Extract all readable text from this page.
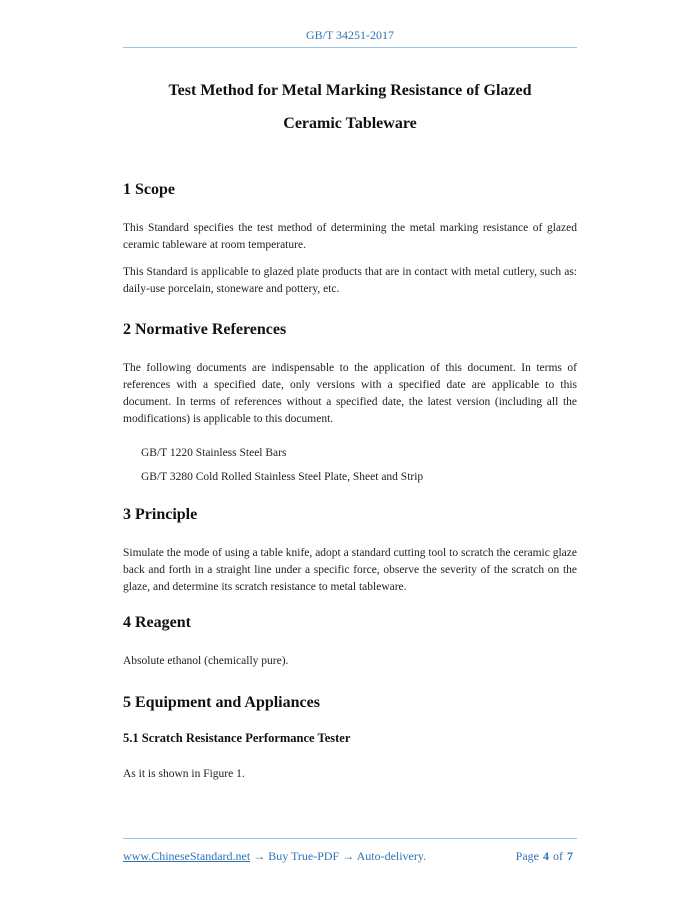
GB/T 34251-2017
Test Method for Metal Marking Resistance of Glazed
Ceramic Tableware
1 Scope

This Standard specifies the test method of determining the metal marking resistance of glazed ceramic tableware at room temperature.

This Standard is applicable to glazed plate products that are in contact with metal cutlery, such as: daily-use porcelain, stoneware and pottery, etc.

2 Normative References

The following documents are indispensable to the application of this document. In terms of references with a specified date, only versions with a specified date are applicable to this document. In terms of references without a specified date, the latest version (including all the modifications) is applicable to this document.

GB/T 1220 Stainless Steel Bars

GB/T 3280 Cold Rolled Stainless Steel Plate, Sheet and Strip

3 Principle

Simulate the mode of using a table knife, adopt a standard cutting tool to scratch the ceramic glaze back and forth in a straight line under a specific force, observe the severity of the scratch on the glaze, and determine its scratch resistance to metal tableware.

4 Reagent

Absolute ethanol (chemically pure).

5 Equipment and Appliances
5.1 Scratch Resistance Performance Tester

As it is shown in Figure 1.

www.ChineseStandard.net → Buy True-PDF → Auto-delivery.	Page 4 of 7
